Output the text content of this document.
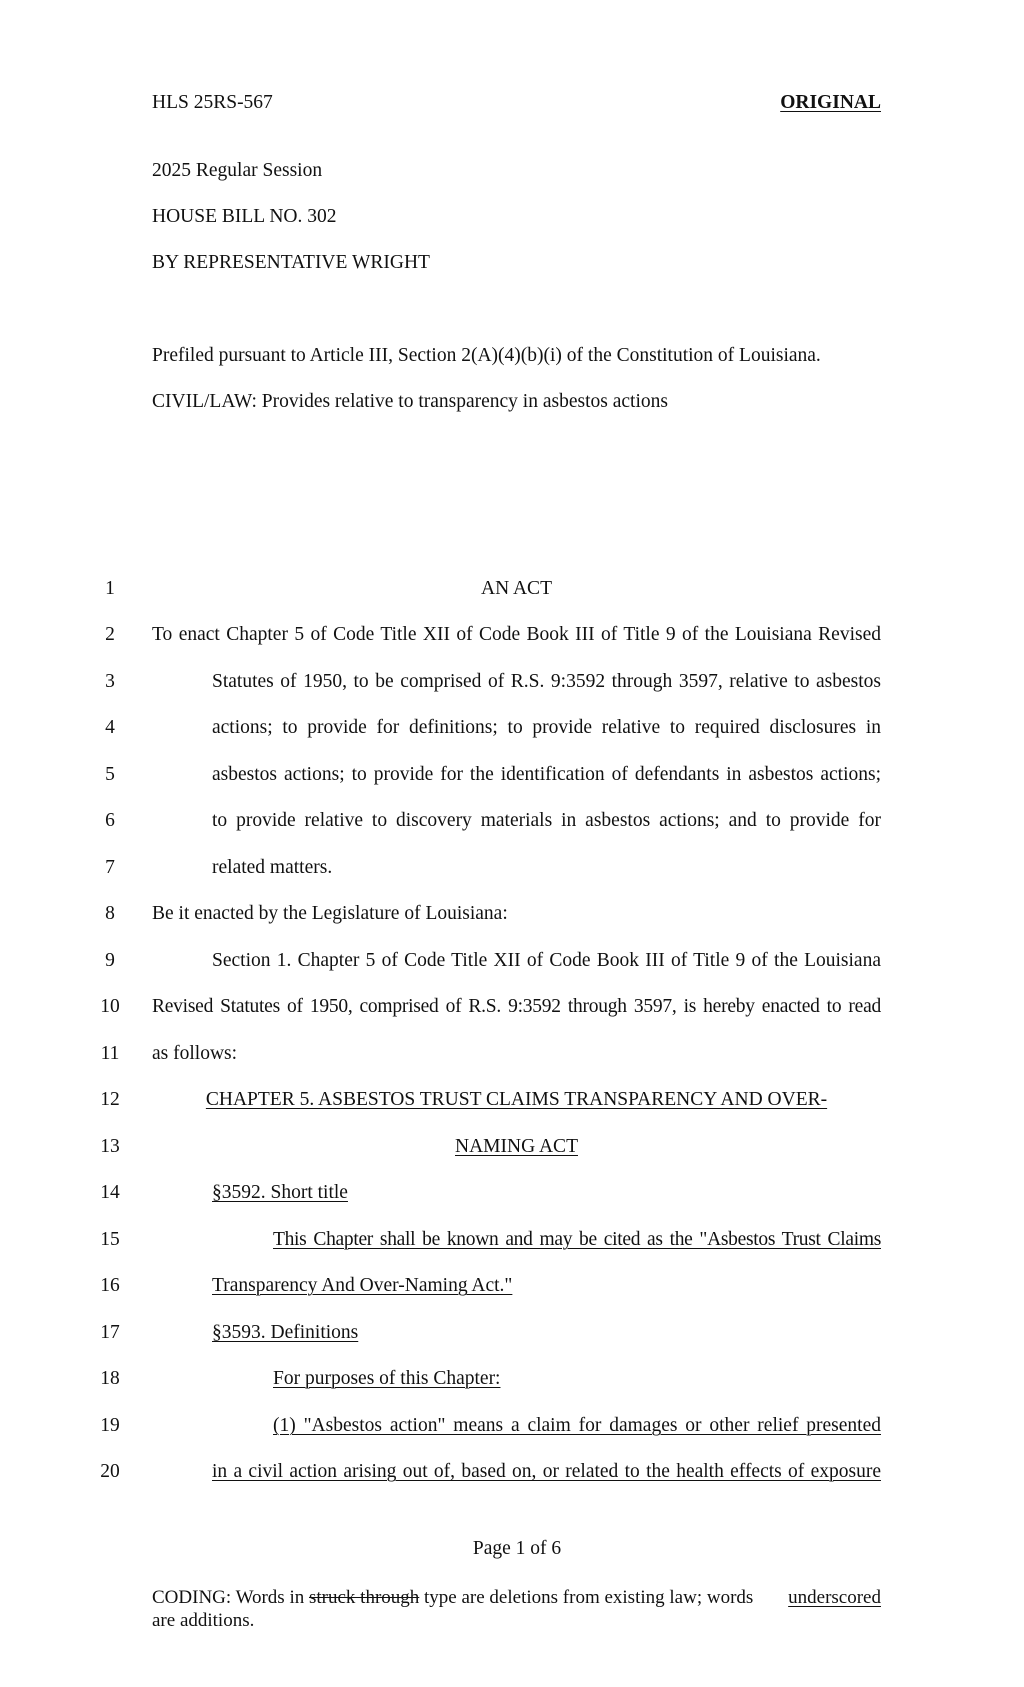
HLS 25RS-567	ORIGINAL
2025 Regular Session
HOUSE BILL NO. 302
BY REPRESENTATIVE WRIGHT
Prefiled pursuant to Article III, Section 2(A)(4)(b)(i) of the Constitution of Louisiana.
CIVIL/LAW: Provides relative to transparency in asbestos actions
1	AN ACT
2	To enact Chapter 5 of Code Title XII of Code Book III of Title 9 of the Louisiana Revised
3	Statutes of 1950, to be comprised of R.S. 9:3592 through 3597, relative to asbestos
4	actions; to provide for definitions; to provide relative to required disclosures in
5	asbestos actions; to provide for the identification of defendants in asbestos actions;
6	to provide relative to discovery materials in asbestos actions; and to provide for
7	related matters.
8	Be it enacted by the Legislature of Louisiana:
9	Section 1. Chapter 5 of Code Title XII of Code Book III of Title 9 of the Louisiana
10	Revised Statutes of 1950, comprised of R.S. 9:3592 through 3597, is hereby enacted to read
11	as follows:
12	CHAPTER 5. ASBESTOS TRUST CLAIMS TRANSPARENCY AND OVER-
13	NAMING ACT
14	§3592. Short title
15	This Chapter shall be known and may be cited as the "Asbestos Trust Claims
16	Transparency And Over-Naming Act."
17	§3593. Definitions
18	For purposes of this Chapter:
19	(1) "Asbestos action" means a claim for damages or other relief presented
20	in a civil action arising out of, based on, or related to the health effects of exposure
Page 1 of 6
CODING: Words in struck through type are deletions from existing law; words underscored
are additions.
